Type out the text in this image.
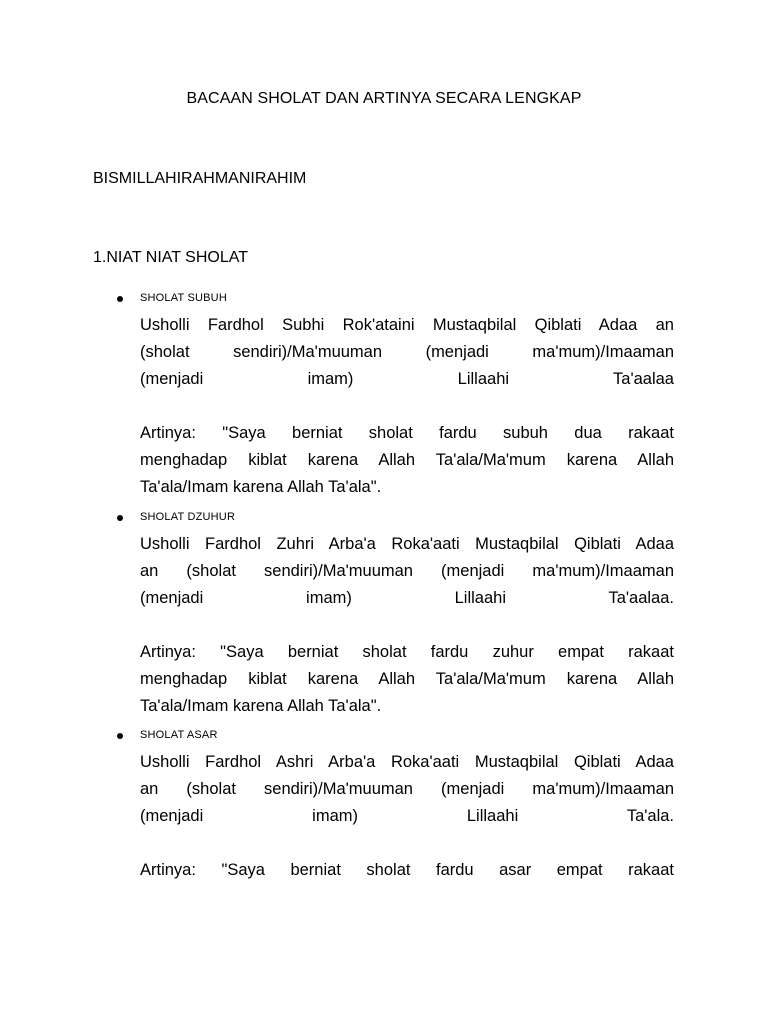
BACAAN SHOLAT DAN ARTINYA SECARA LENGKAP
BISMILLAHIRAHMANIRAHIM
1.NIAT NIAT SHOLAT
SHOLAT SUBUH

Usholli Fardhol Subhi Rok'ataini Mustaqbilal Qiblati Adaa an

(sholat sendiri)/Ma'muuman (menjadi ma'mum)/Imaaman

(menjadi imam) Lillaahi Ta'aalaa

Artinya: "Saya berniat sholat fardu subuh dua rakaat

menghadap kiblat karena Allah Ta'ala/Ma'mum karena Allah

Ta'ala/Imam karena Allah Ta'ala".

SHOLAT DZUHUR

Usholli Fardhol Zuhri Arba'a Roka'aati Mustaqbilal Qiblati Adaa

an (sholat sendiri)/Ma'muuman (menjadi ma'mum)/Imaaman

(menjadi imam) Lillaahi Ta'aalaa.

Artinya: "Saya berniat sholat fardu zuhur empat rakaat

menghadap kiblat karena Allah Ta'ala/Ma'mum karena Allah

Ta'ala/Imam karena Allah Ta'ala".

SHOLAT ASAR

Usholli Fardhol Ashri Arba'a Roka'aati Mustaqbilal Qiblati Adaa

an (sholat sendiri)/Ma'muuman (menjadi ma'mum)/Imaaman

(menjadi imam) Lillaahi Ta'ala.

Artinya: "Saya berniat sholat fardu asar empat rakaat
